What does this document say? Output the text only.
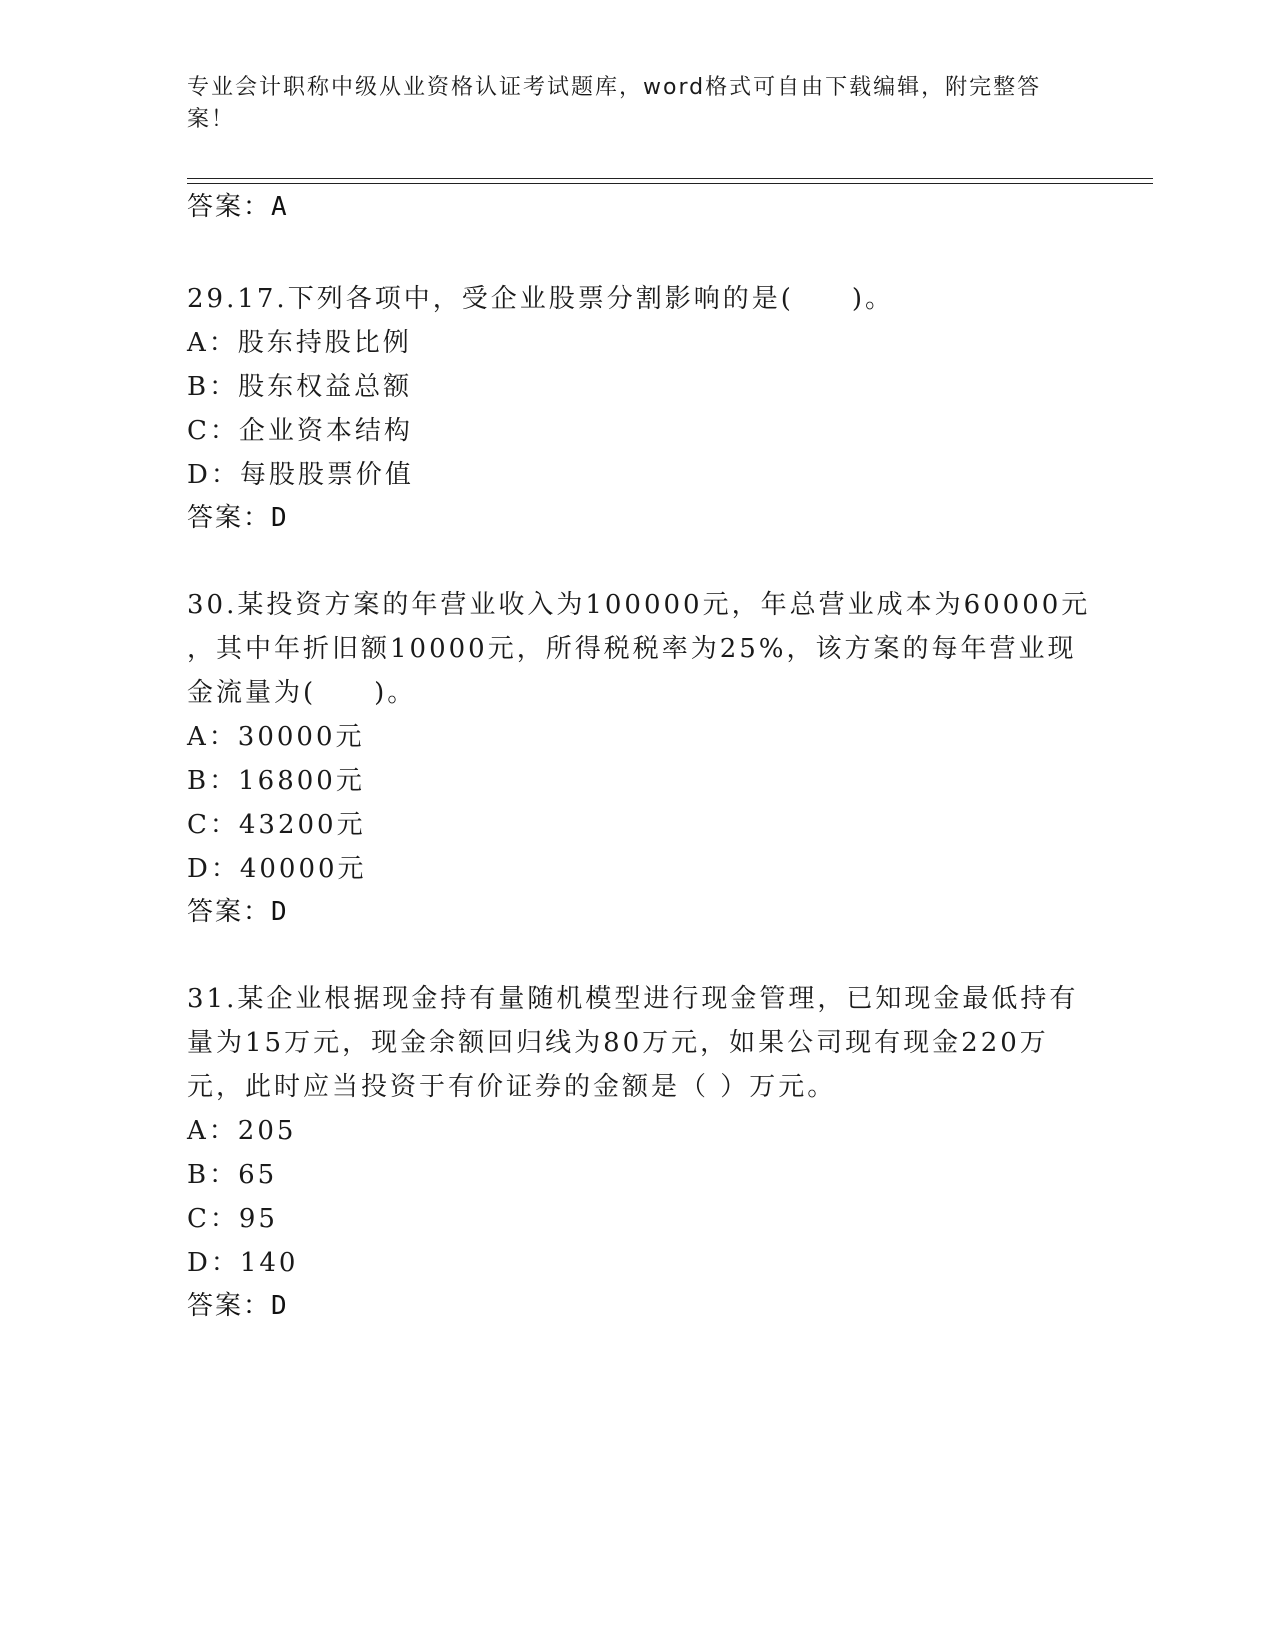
专业会计职称中级从业资格认证考试题库，word格式可自由下载编辑，附完整答案！
答案：A
29.17.下列各项中，受企业股票分割影响的是(　　)。
A：股东持股比例
B：股东权益总额
C：企业资本结构
D：每股股票价值
答案：D
30.某投资方案的年营业收入为100000元，年总营业成本为60000元
，其中年折旧额10000元，所得税税率为25%，该方案的每年营业现
金流量为(　　)。
A：30000元
B：16800元
C：43200元
D：40000元
答案：D
31.某企业根据现金持有量随机模型进行现金管理，已知现金最低持有
量为15万元，现金余额回归线为80万元，如果公司现有现金220万
元，此时应当投资于有价证券的金额是（ ）万元。
A：205
B：65
C：95
D：140
答案：D
